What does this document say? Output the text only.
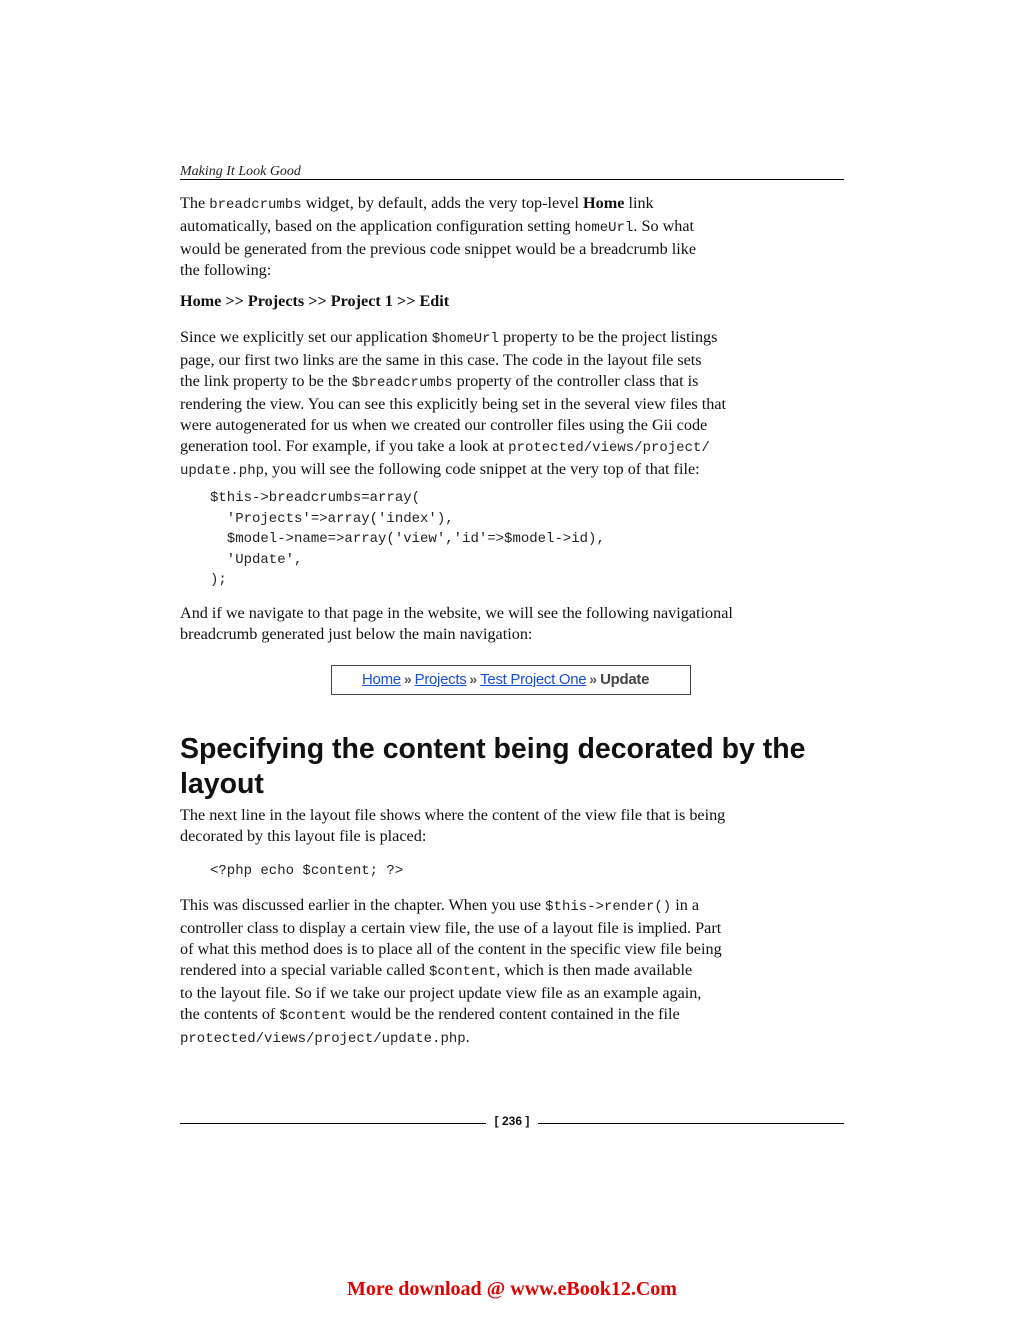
Making It Look Good
The breadcrumbs widget, by default, adds the very top-level Home link
automatically, based on the application configuration setting homeUrl. So what
would be generated from the previous code snippet would be a breadcrumb like
the following:
Home >> Projects >> Project 1 >> Edit
Since we explicitly set our application $homeUrl property to be the project listings
page, our first two links are the same in this case. The code in the layout file sets
the link property to be the $breadcrumbs property of the controller class that is
rendering the view. You can see this explicitly being set in the several view files that
were autogenerated for us when we created our controller files using the Gii code
generation tool. For example, if you take a look at protected/views/project/
update.php, you will see the following code snippet at the very top of that file:
$this->breadcrumbs=array(
'Projects'=>array('index'),
$model->name=>array('view','id'=>$model->id),
'Update',
);
And if we navigate to that page in the website, we will see the following navigational
breadcrumb generated just below the main navigation:
Home » Projects » Test Project One » Update
Specifying the content being decorated by the
layout
The next line in the layout file shows where the content of the view file that is being
decorated by this layout file is placed:
<?php echo $content; ?>
This was discussed earlier in the chapter. When you use $this->render() in a
controller class to display a certain view file, the use of a layout file is implied. Part
of what this method does is to place all of the content in the specific view file being
rendered into a special variable called $content, which is then made available
to the layout file. So if we take our project update view file as an example again,
the contents of $content would be the rendered content contained in the file
protected/views/project/update.php.
[ 236 ]
More download @ www.eBook12.Com
